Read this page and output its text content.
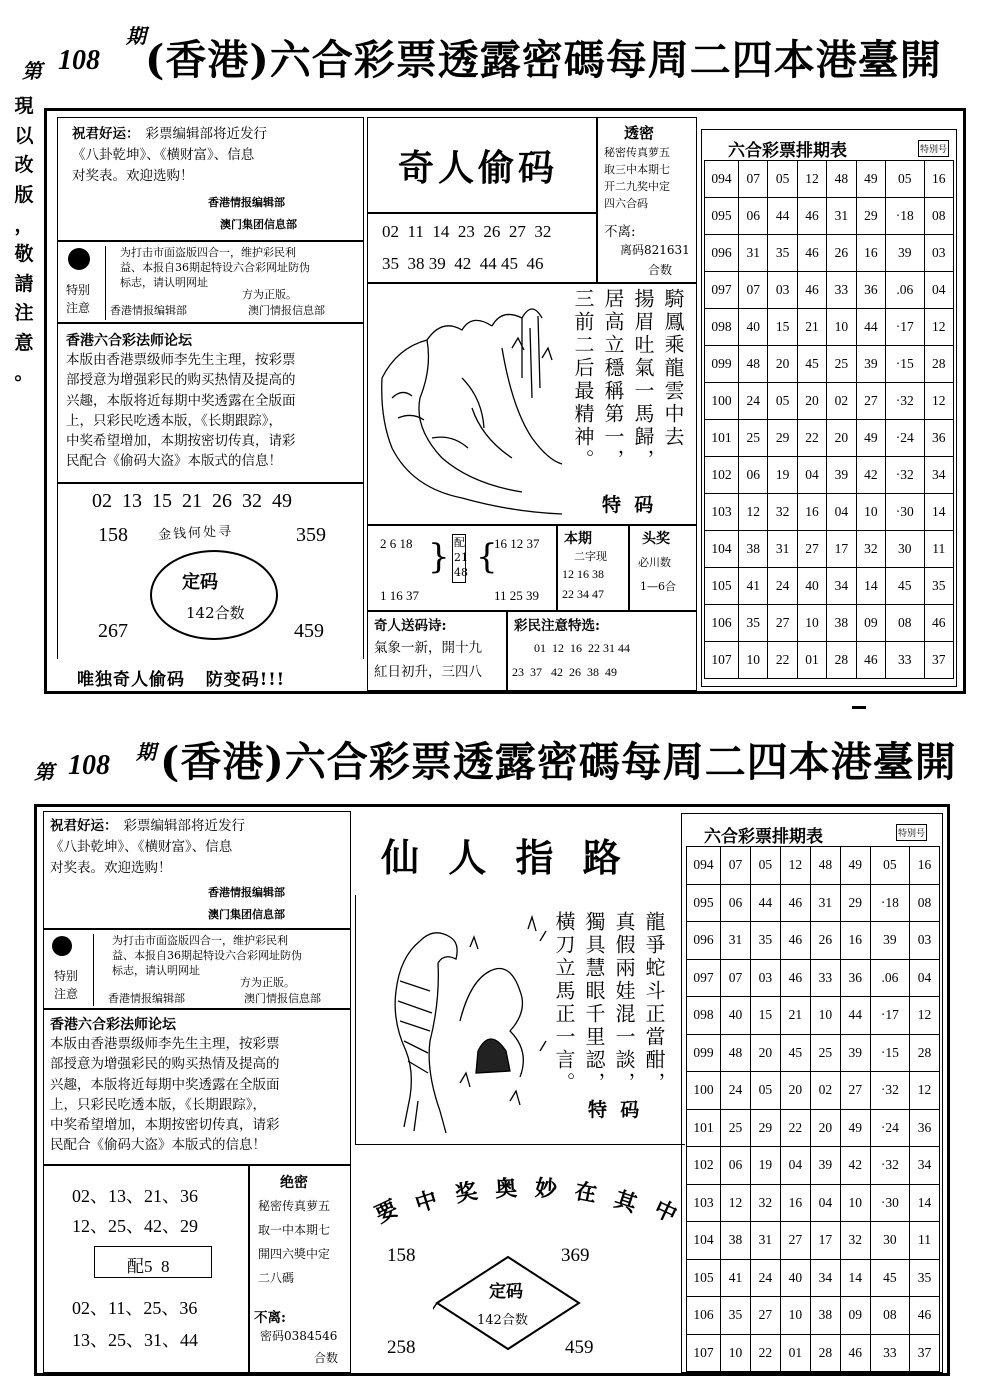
第 108
期 (香港)六合彩票透露密碼每周二四本港臺開
現
以
改
版
，
敬
請
注
意
。
祝君好运： 彩票编辑部将近发行
《八卦乾坤》、《横财富》、信息
对奖表。欢迎选购！
香港情报编辑部
澳门集团信息部
特别
注意
为打击市面盗版四合一，维护彩民利
益、本报自36期起特设六合彩网址防伪
标志，请认明网址
方为正版。
香港情报编辑部	澳门情报信息部
香港六合彩法师论坛
本版由香港票级师李先生主理，按彩票
部授意为增强彩民的购买热情及提高的
兴趣，本版将近每期中奖透露在全版面
上，只彩民吃透本版，《长期跟踪》，
中奖希望增加，本期按密切传真，请彩
民配合《偷码大盗》本版式的信息！
02  13  15  21  26  32  49
158	359
267	459
金钱何处寻
定码
142合数
唯独奇人偷码   防变码!!!
奇人偷码
02  11  14  23  26  27  32
35  38 39  42  44 45  46
三前二后最精神。 居高立穩稱第一， 揚眉吐氣一馬歸， 騎鳳乘龍雲中去
特  码
透密
秘密传真萝五
取三中本期七
开二九奖中定
四六合码
不离:
离码821631
合数
2 6 18
1 16 37
} 配
21
48 {
16 12 37
11 25 39
本期
二字现
12 16 38
22 34 47
头奖
必川数
1—6合
奇人送码诗:
氣象一新，開十九
紅日初升，三四八
彩民注意特选:
01  12  16  22 31 44
23  37   42  26  38  49
六合彩票排期表	特别号
094	07	05	12	48	49	05	16
095	06	44	46	31	29	·18	08
096	31	35	46	26	16	39	03
097	07	03	46	33	36	.06	04
098	40	15	21	10	44	·17	12
099	48	20	45	25	39	·15	28
100	24	05	20	02	27	·32	12
101	25	29	22	20	49	·24	36
102	06	19	04	39	42	·32	34
103	12	32	16	04	10	·30	14
104	38	31	27	17	32	30	11
105	41	24	40	34	14	45	35
106	35	27	10	38	09	08	46
107	10	22	01	28	46	33	37
第 108 期 (香港)六合彩票透露密碼每周二四本港臺開
祝君好运： 彩票编辑部将近发行
《八卦乾坤》、《横财富》、信息
对奖表。欢迎选购！
香港情报编辑部
澳门集团信息部
特别
注意
为打击市面盗版四合一，维护彩民利
益、本报自36期起特设六合彩网址防伪
标志，请认明网址
方为正版。
香港情报编辑部	澳门情报信息部
香港六合彩法师论坛
本版由香港票级师李先生主理，按彩票
部授意为增强彩民的购买热情及提高的
兴趣，本版将近每期中奖透露在全版面
上，只彩民吃透本版，《长期跟踪》，
中奖希望增加，本期按密切传真，请彩
民配合《偷码大盗》本版式的信息！
02、13、21、36
12、25、42、29
配5  8
02、11、25、36
13、25、31、44
绝密
秘密传真萝五
取一中本期七
開四六獎中定
二八碼
不离:
密码0384546
合数
仙 人 指 路
橫刀立馬正一言。 獨具慧眼千里認， 真假兩娃混一談， 龍爭蛇斗正當酣，
特  码
要 中 奖 奥 妙 在 其 中
158	369
258	459
定码
142合数
六合彩票排期表	特别号
094	07	05	12	48	49	05	16
095	06	44	46	31	29	·18	08
096	31	35	46	26	16	39	03
097	07	03	46	33	36	.06	04
098	40	15	21	10	44	·17	12
099	48	20	45	25	39	·15	28
100	24	05	20	02	27	·32	12
101	25	29	22	20	49	·24	36
102	06	19	04	39	42	·32	34
103	12	32	16	04	10	·30	14
104	38	31	27	17	32	30	11
105	41	24	40	34	14	45	35
106	35	27	10	38	09	08	46
107	10	22	01	28	46	33	37
